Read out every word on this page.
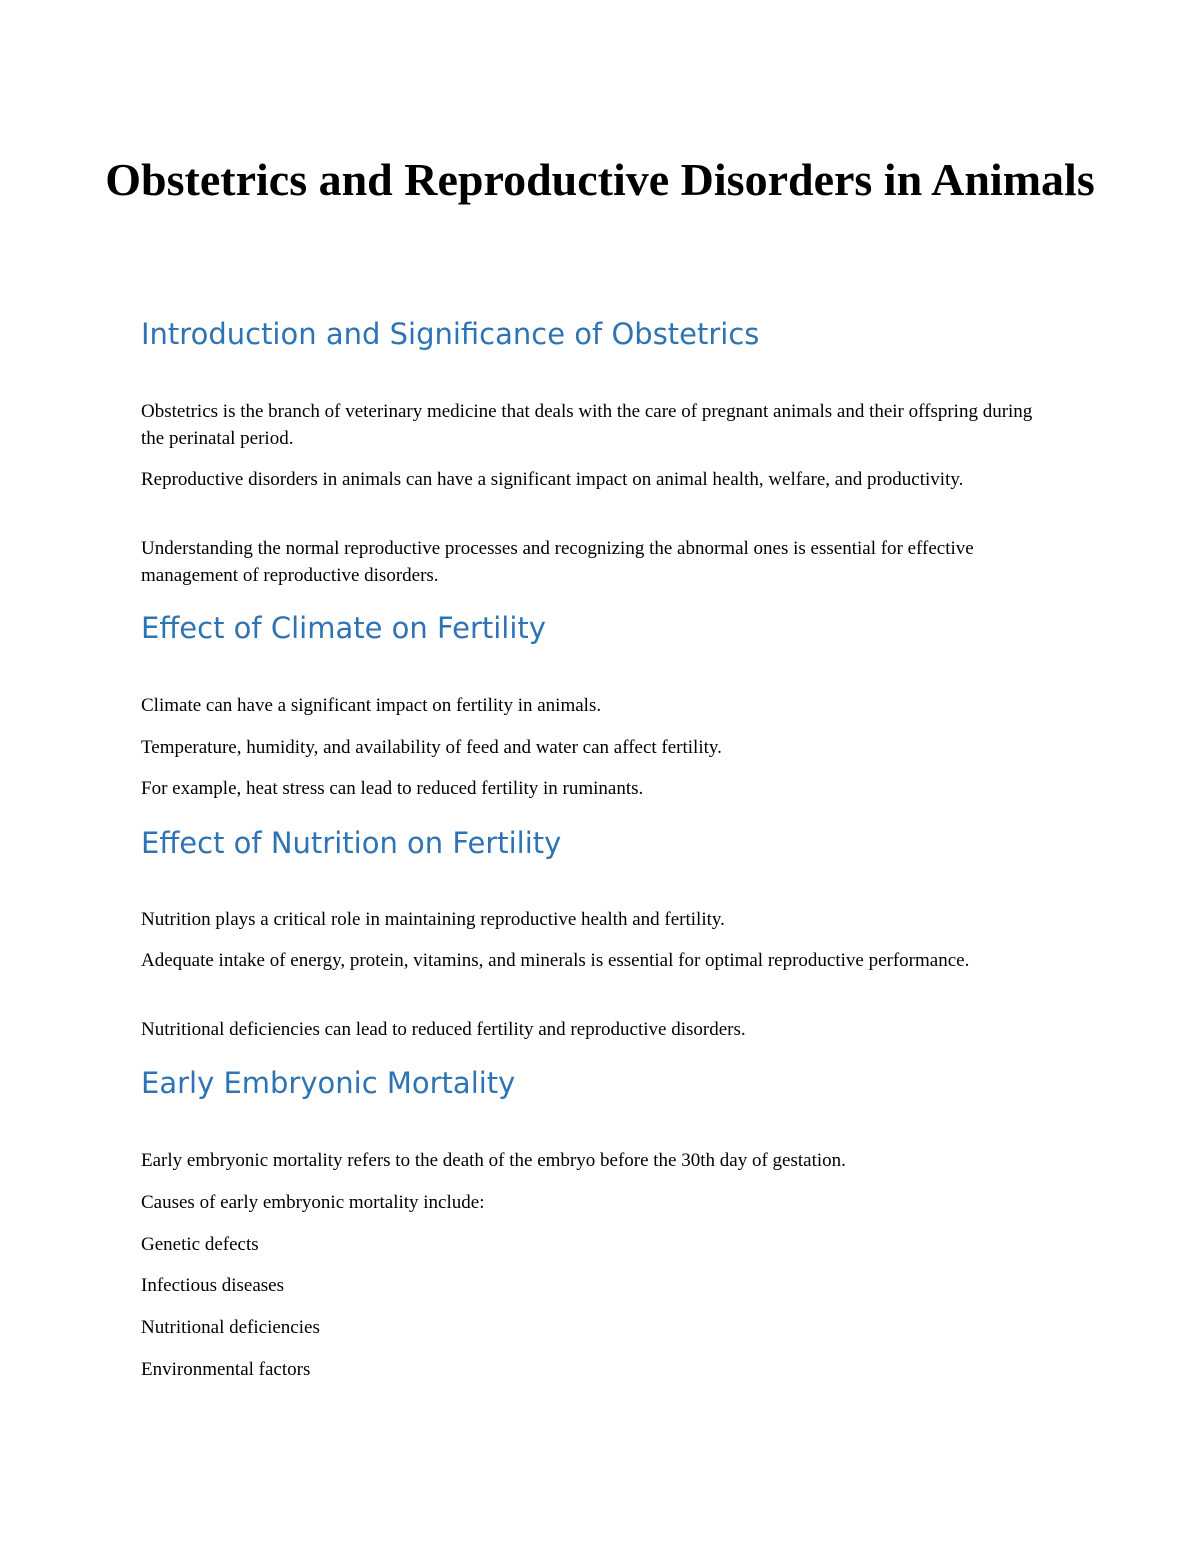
Obstetrics and Reproductive Disorders in Animals
Introduction and Significance of Obstetrics

Obstetrics is the branch of veterinary medicine that deals with the care of pregnant animals and their offspring during the perinatal period.

Reproductive disorders in animals can have a significant impact on animal health, welfare, and productivity.

Understanding the normal reproductive processes and recognizing the abnormal ones is essential for effective management of reproductive disorders.

Effect of Climate on Fertility

Climate can have a significant impact on fertility in animals.

Temperature, humidity, and availability of feed and water can affect fertility.

For example, heat stress can lead to reduced fertility in ruminants.

Effect of Nutrition on Fertility

Nutrition plays a critical role in maintaining reproductive health and fertility.

Adequate intake of energy, protein, vitamins, and minerals is essential for optimal reproductive performance.

Nutritional deficiencies can lead to reduced fertility and reproductive disorders.

Early Embryonic Mortality

Early embryonic mortality refers to the death of the embryo before the 30th day of gestation.

Causes of early embryonic mortality include:

Genetic defects

Infectious diseases

Nutritional deficiencies

Environmental factors
